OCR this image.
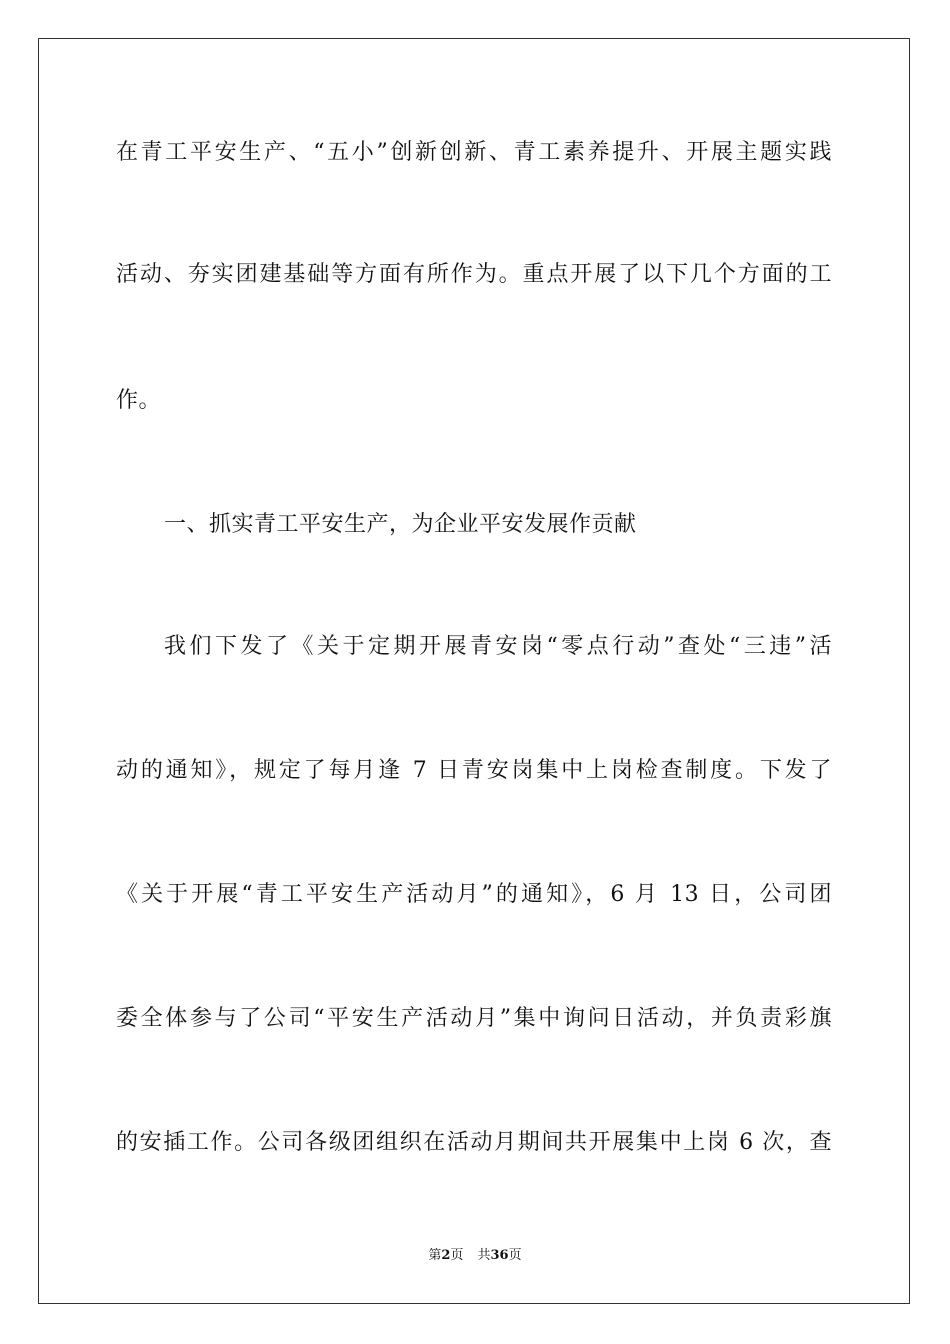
在青工平安生产、“五小”创新创新、青工素养提升、开展主题实践
活动、夯实团建基础等方面有所作为。重点开展了以下几个方面的工
作。
一、抓实青工平安生产，为企业平安发展作贡献
我们下发了《关于定期开展青安岗“零点行动”查处“三违”活
动的通知》，规定了每月逢 7 日青安岗集中上岗检查制度。下发了
《关于开展“青工平安生产活动月”的通知》，6 月 13 日，公司团
委全体参与了公司“平安生产活动月”集中询问日活动，并负责彩旗
的安插工作。公司各级团组织在活动月期间共开展集中上岗 6 次，查
第2页 共36页
